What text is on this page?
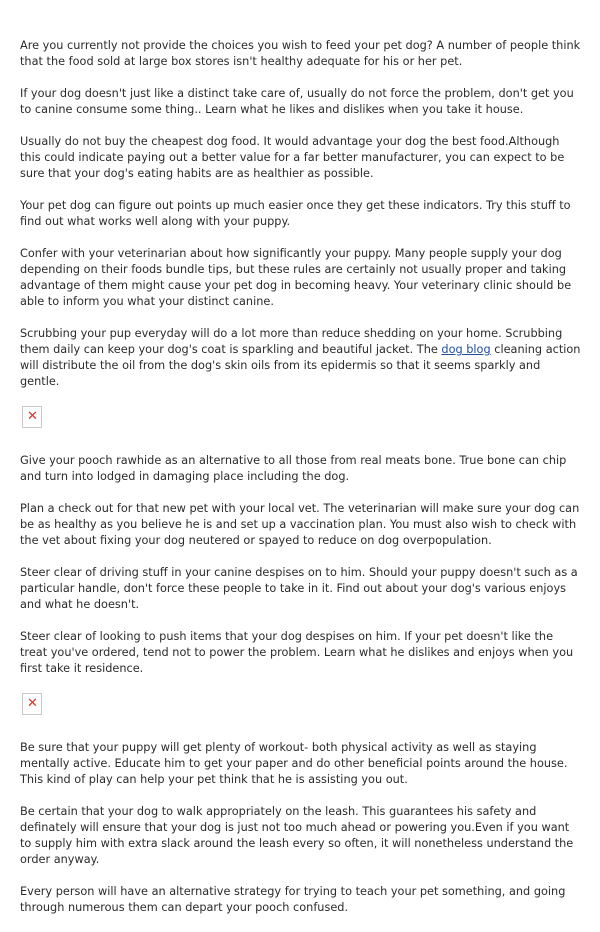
Are you currently not provide the choices you wish to feed your pet dog? A number of people think that the food sold at large box stores isn't healthy adequate for his or her pet.

If your dog doesn't just like a distinct take care of, usually do not force the problem, don't get you to canine consume some thing.. Learn what he likes and dislikes when you take it house.

Usually do not buy the cheapest dog food. It would advantage your dog the best food.Although this could indicate paying out a better value for a far better manufacturer, you can expect to be sure that your dog's eating habits are as healthier as possible.

Your pet dog can figure out points up much easier once they get these indicators. Try this stuff to find out what works well along with your puppy.

Confer with your veterinarian about how significantly your puppy. Many people supply your dog depending on their foods bundle tips, but these rules are certainly not usually proper and taking advantage of them might cause your pet dog in becoming heavy. Your veterinary clinic should be able to inform you what your distinct canine.

Scrubbing your pup everyday will do a lot more than reduce shedding on your home. Scrubbing them daily can keep your dog's coat is sparkling and beautiful jacket. The dog blog cleaning action will distribute the oil from the dog's skin oils from its epidermis so that it seems sparkly and gentle.

✕

Give your pooch rawhide as an alternative to all those from real meats bone. True bone can chip and turn into lodged in damaging place including the dog.

Plan a check out for that new pet with your local vet. The veterinarian will make sure your dog can be as healthy as you believe he is and set up a vaccination plan. You must also wish to check with the vet about fixing your dog neutered or spayed to reduce on dog overpopulation.

Steer clear of driving stuff in your canine despises on to him. Should your puppy doesn't such as a particular handle, don't force these people to take in it. Find out about your dog's various enjoys and what he doesn't.

Steer clear of looking to push items that your dog despises on him. If your pet doesn't like the treat you've ordered, tend not to power the problem. Learn what he dislikes and enjoys when you first take it residence.

✕

Be sure that your puppy will get plenty of workout- both physical activity as well as staying mentally active. Educate him to get your paper and do other beneficial points around the house. This kind of play can help your pet think that he is assisting you out.

Be certain that your dog to walk appropriately on the leash. This guarantees his safety and definately will ensure that your dog is just not too much ahead or powering you.Even if you want to supply him with extra slack around the leash every so often, it will nonetheless understand the order anyway.

Every person will have an alternative strategy for trying to teach your pet something, and going through numerous them can depart your pooch confused.
